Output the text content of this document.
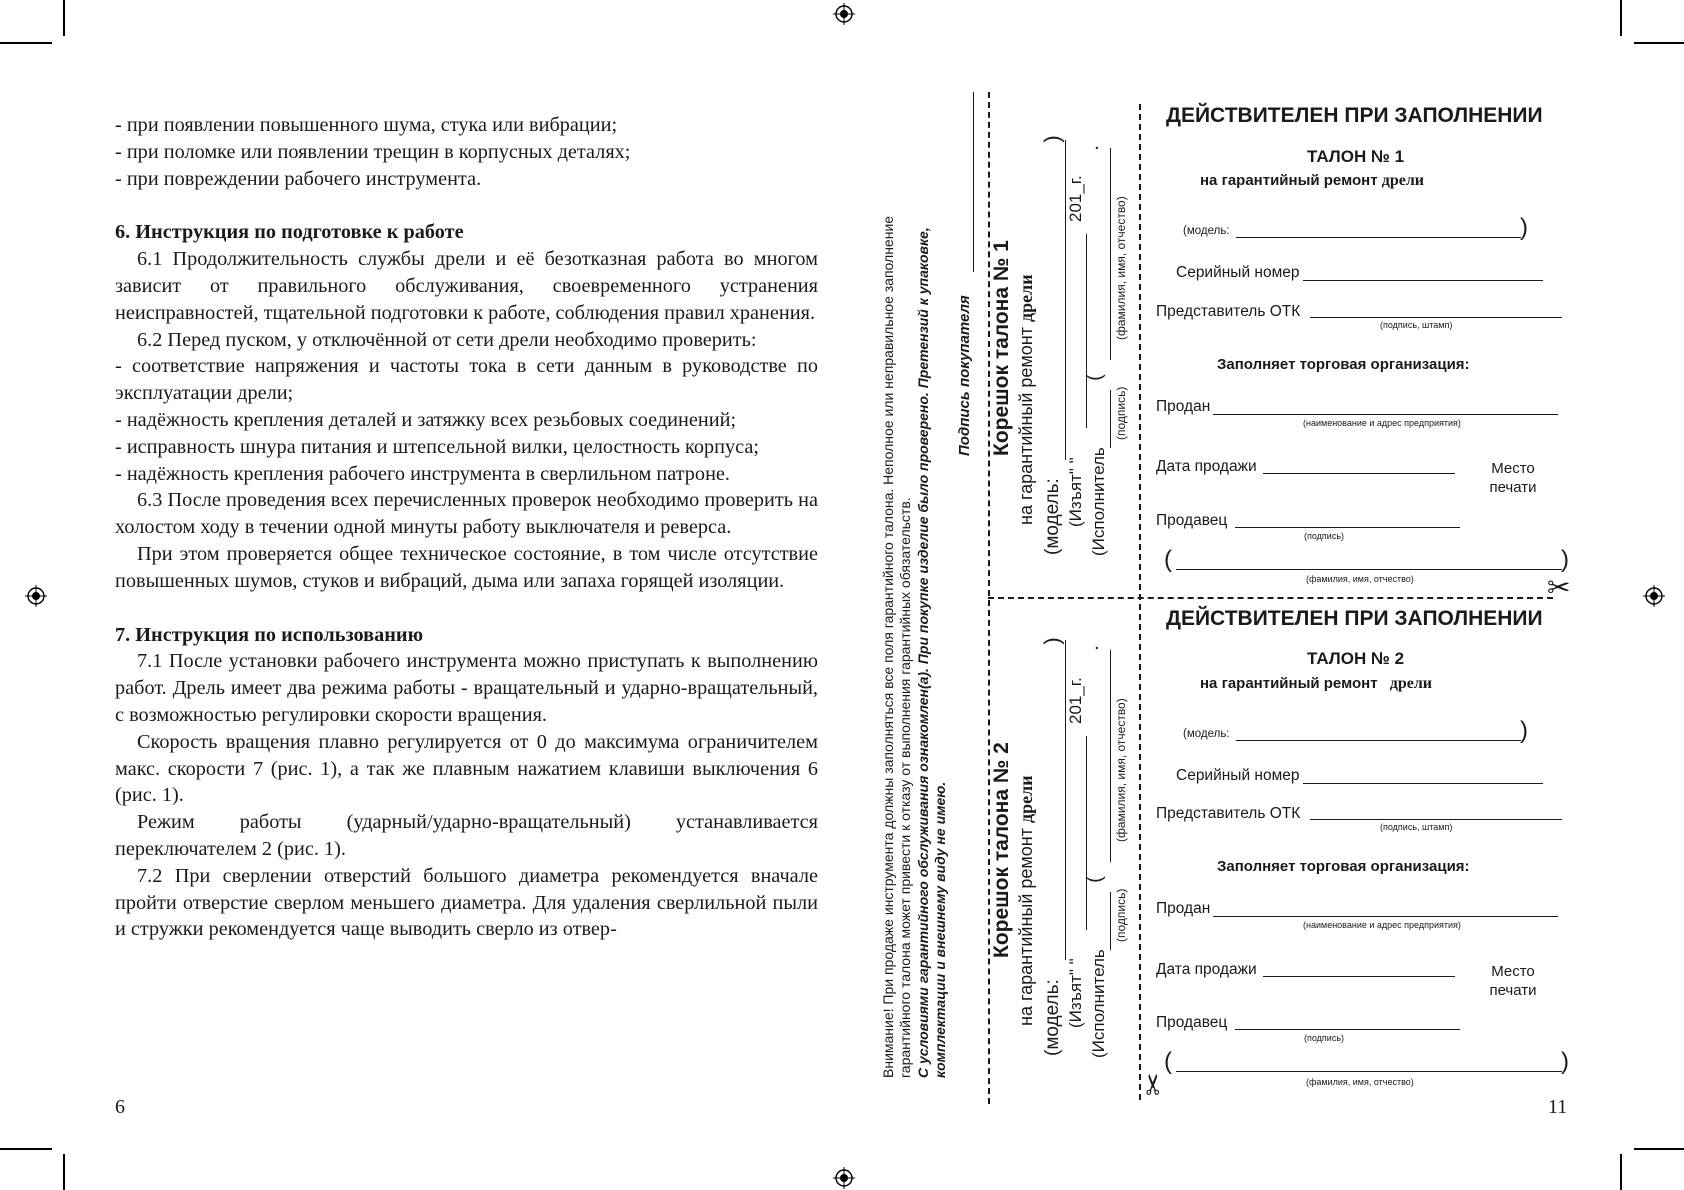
- при появлении повышенного шума, стука или вибрации;

- при поломке или появлении трещин в корпусных деталях;

- при повреждении рабочего инструмента.

6. Инструкция по подготовке к работе

6.1 Продолжительность службы дрели и её безотказная работа во многом зависит от правильного обслуживания, своевременного устранения неисправностей, тщательной подготовки к работе, соблюдения правил хранения.

6.2 Перед пуском, у отключённой от сети дрели необходимо проверить:

- соответствие напряжения и частоты тока в сети данным в руководстве по эксплуатации дрели;

- надёжность крепления деталей и затяжку всех резьбовых соединений;

- исправность шнура питания и штепсельной вилки, целостность корпуса;

- надёжность крепления рабочего инструмента в сверлильном патроне.

6.3 После проведения всех перечисленных проверок необходимо проверить на холостом ходу в течении одной минуты работу выключателя и реверса.

При этом проверяется общее техническое состояние, в том числе отсутствие повышенных шумов, стуков и вибраций, дыма или запаха горящей изоляции.

7. Инструкция по использованию

7.1 После установки рабочего инструмента можно приступать к выполнению работ. Дрель имеет два режима работы - вращательный и ударно-вращательный, с возможностью регулировки скорости вращения.

Скорость вращения плавно регулируется от 0 до максимума ограничителем макс. скорости 7 (рис. 1), а так же плавным нажатием клавиши выключения 6 (рис. 1).

Режим работы (ударный/ударно-вращательный) устанавливается переключателем 2 (рис. 1).

7.2 При сверлении отверстий большого диаметра рекомендуется вначале пройти отверстие сверлом меньшего диаметра. Для удаления сверлильной пыли и стружки рекомендуется чаще выводить сверло из отвер-

6
Внимание! При продаже инструмента должны заполняться все поля гарантийного талона. Неполное или неправильное заполнение гарантийного талона может привести к отказу от выполнения гарантийных обязательств. С условиями гарантийного обслуживания ознакомлен(а). При покупке изделие было проверено. Претензий к упаковке, комплектации и внешнему виду не имею.
Подпись покупателя
✂
✂
Корешок талона № 1 на гарантийный ремонт дрели
(модель:
)
(Изъят" "
201_г.
(Исполнитель
(
.
(подпись)
(фамилия, имя, отчество)
Корешок талона № 2 на гарантийный ремонт дрели
(модель:
)
(Изъят" "
201_г.
(Исполнитель
(
.
(подпись)
(фамилия, имя, отчество)
ДЕЙСТВИТЕЛЕН ПРИ ЗАПОЛНЕНИИ
ТАЛОН № 1
на гарантийный ремонт дрели
(модель:	)
Серийный номер
Представитель ОТК
(подпись, штамп)
Заполняет торговая организация:
Продан
(наименование и адрес предприятия)
Дата продажи	Место печати
Продавец
(подпись)
(	)
(фамилия, имя, отчество)
ДЕЙСТВИТЕЛЕН ПРИ ЗАПОЛНЕНИИ
ТАЛОН № 2
на гарантийный ремонт дрели
(модель:	)
Серийный номер
Представитель ОТК
(подпись, штамп)
Заполняет торговая организация:
Продан
(наименование и адрес предприятия)
Дата продажи	Место печати
Продавец
(подпись)
(	)
(фамилия, имя, отчество)
11
